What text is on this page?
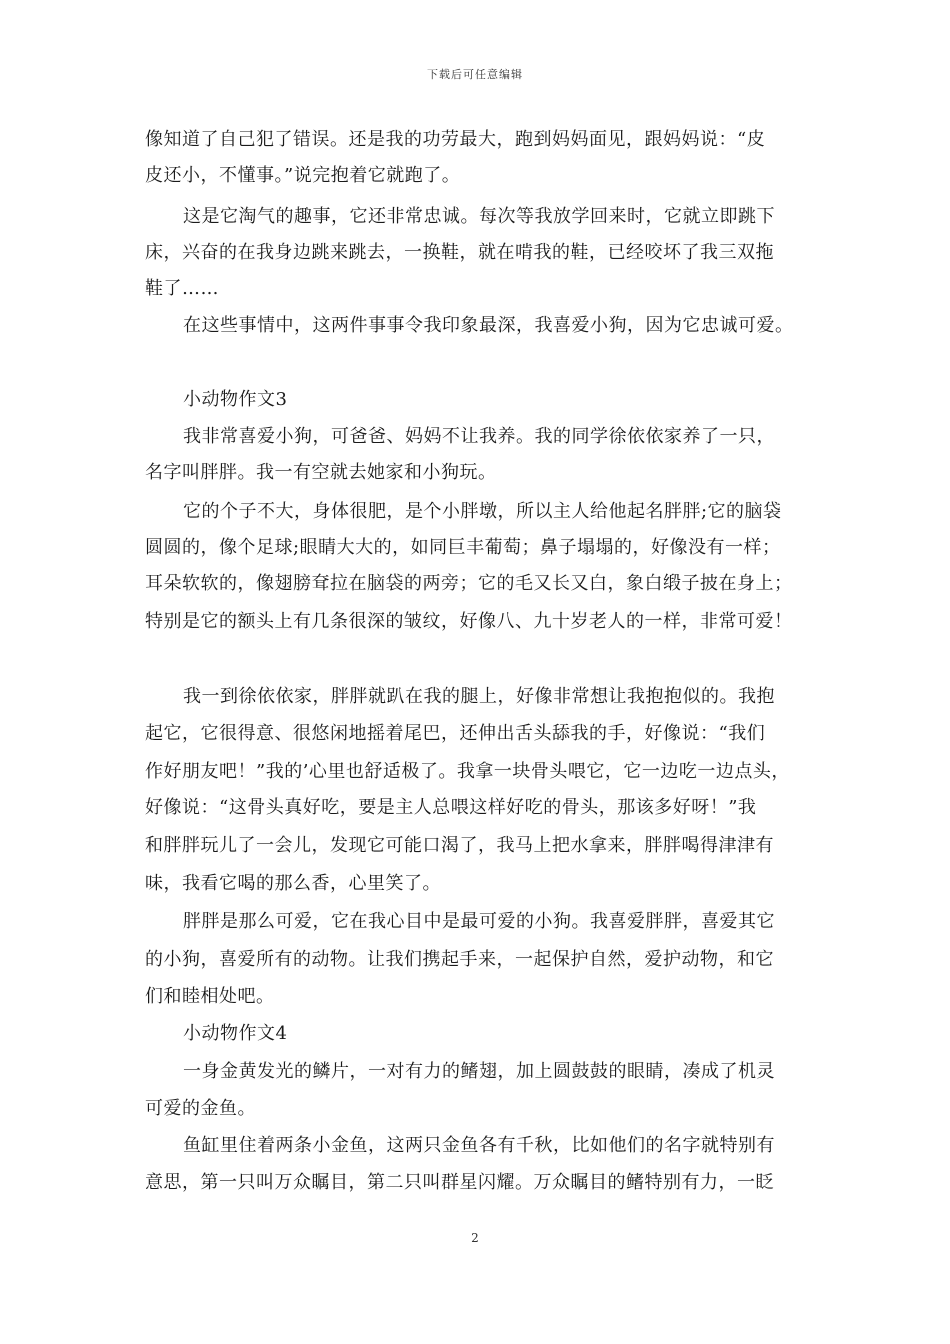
下载后可任意编辑
像知道了自己犯了错误。还是我的功劳最大，跑到妈妈面见，跟妈妈说：“皮
皮还小，不懂事。”说完抱着它就跑了。
这是它淘气的趣事，它还非常忠诚。每次等我放学回来时，它就立即跳下
床，兴奋的在我身边跳来跳去，一换鞋，就在啃我的鞋，已经咬坏了我三双拖
鞋了……
在这些事情中，这两件事事令我印象最深，我喜爱小狗，因为它忠诚可爱。
小动物作文3
我非常喜爱小狗，可爸爸、妈妈不让我养。我的同学徐依依家养了一只，
名字叫胖胖。我一有空就去她家和小狗玩。
它的个子不大，身体很肥，是个小胖墩，所以主人给他起名胖胖;它的脑袋
圆圆的，像个足球;眼睛大大的，如同巨丰葡萄；鼻子塌塌的，好像没有一样；
耳朵软软的，像翅膀耷拉在脑袋的两旁；它的毛又长又白，象白缎子披在身上；
特别是它的额头上有几条很深的皱纹，好像八、九十岁老人的一样，非常可爱！
我一到徐依依家，胖胖就趴在我的腿上，好像非常想让我抱抱似的。我抱
起它，它很得意、很悠闲地摇着尾巴，还伸出舌头舔我的手，好像说：“我们
作好朋友吧！”我的’心里也舒适极了。我拿一块骨头喂它，它一边吃一边点头，
好像说：“这骨头真好吃，要是主人总喂这样好吃的骨头，那该多好呀！”我
和胖胖玩儿了一会儿，发现它可能口渴了，我马上把水拿来，胖胖喝得津津有
味，我看它喝的那么香，心里笑了。
胖胖是那么可爱，它在我心目中是最可爱的小狗。我喜爱胖胖，喜爱其它
的小狗，喜爱所有的动物。让我们携起手来，一起保护自然，爱护动物，和它
们和睦相处吧。
小动物作文4
一身金黄发光的鳞片，一对有力的鳍翅，加上圆鼓鼓的眼睛，凑成了机灵
可爱的金鱼。
鱼缸里住着两条小金鱼，这两只金鱼各有千秋，比如他们的名字就特别有
意思，第一只叫万众瞩目，第二只叫群星闪耀。万众瞩目的鳍特别有力，一眨
2
